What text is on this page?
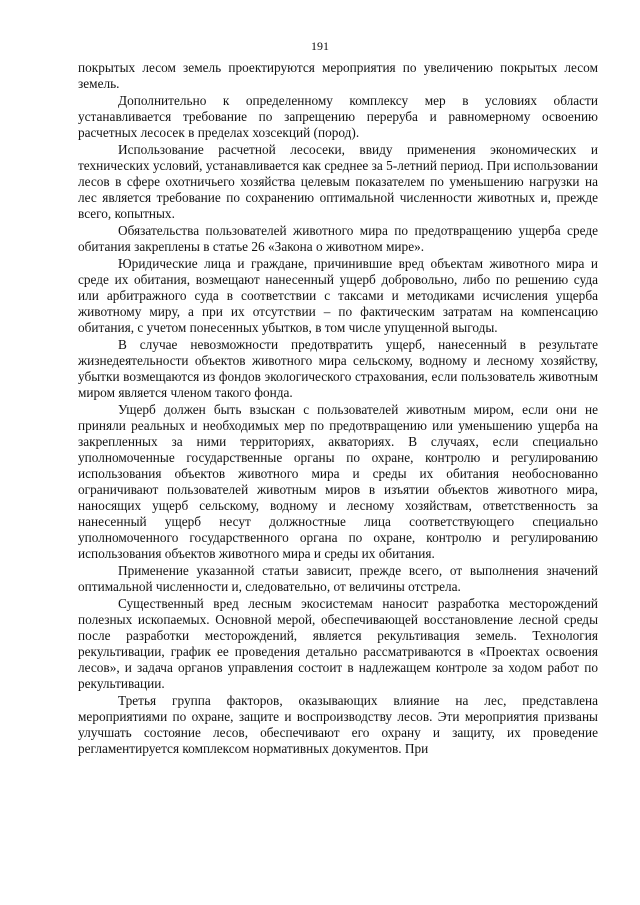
191

покрытых лесом земель проектируются мероприятия по увеличению покрытых лесом земель.

Дополнительно к определенному комплексу мер в условиях области устанавливается требование по запрещению переруба и равномерному освоению расчетных лесосек в пределах хозсекций (пород).

Использование расчетной лесосеки, ввиду применения экономических и технических условий, устанавливается как среднее за 5-летний период. При использовании лесов в сфере охотничьего хозяйства целевым показателем по уменьшению нагрузки на лес является требование по сохранению оптимальной численности животных и, прежде всего, копытных.

Обязательства пользователей животного мира по предотвращению ущерба среде обитания закреплены в статье 26 «Закона о животном мире».

Юридические лица и граждане, причинившие вред объектам животного мира и среде их обитания, возмещают нанесенный ущерб добровольно, либо по решению суда или арбитражного суда в соответствии с таксами и методиками исчисления ущерба животному миру, а при их отсутствии – по фактическим затратам на компенсацию обитания, с учетом понесенных убытков, в том числе упущенной выгоды.

В случае невозможности предотвратить ущерб, нанесенный в результате жизнедеятельности объектов животного мира сельскому, водному и лесному хозяйству, убытки возмещаются из фондов экологического страхования, если пользователь животным миром является членом такого фонда.

Ущерб должен быть взыскан с пользователей животным миром, если они не приняли реальных и необходимых мер по предотвращению или уменьшению ущерба на закрепленных за ними территориях, акваториях. В случаях, если специально уполномоченные государственные органы по охране, контролю и регулированию использования объектов животного мира и среды их обитания необоснованно ограничивают пользователей животным миров в изъятии объектов животного мира, наносящих ущерб сельскому, водному и лесному хозяйствам, ответственность за нанесенный ущерб несут должностные лица соответствующего специально уполномоченного государственного органа по охране, контролю и регулированию использования объектов животного мира и среды их обитания.

Применение указанной статьи зависит, прежде всего, от выполнения значений оптимальной численности и, следовательно, от величины отстрела.

Существенный вред лесным экосистемам наносит разработка месторождений полезных ископаемых. Основной мерой, обеспечивающей восстановление лесной среды после разработки месторождений, является рекультивация земель. Технология рекультивации, график ее проведения детально рассматриваются в «Проектах освоения лесов», и задача органов управления состоит в надлежащем контроле за ходом работ по рекультивации.

Третья группа факторов, оказывающих влияние на лес, представлена мероприятиями по охране, защите и воспроизводству лесов. Эти мероприятия призваны улучшать состояние лесов, обеспечивают его охрану и защиту, их проведение регламентируется комплексом нормативных документов. При
